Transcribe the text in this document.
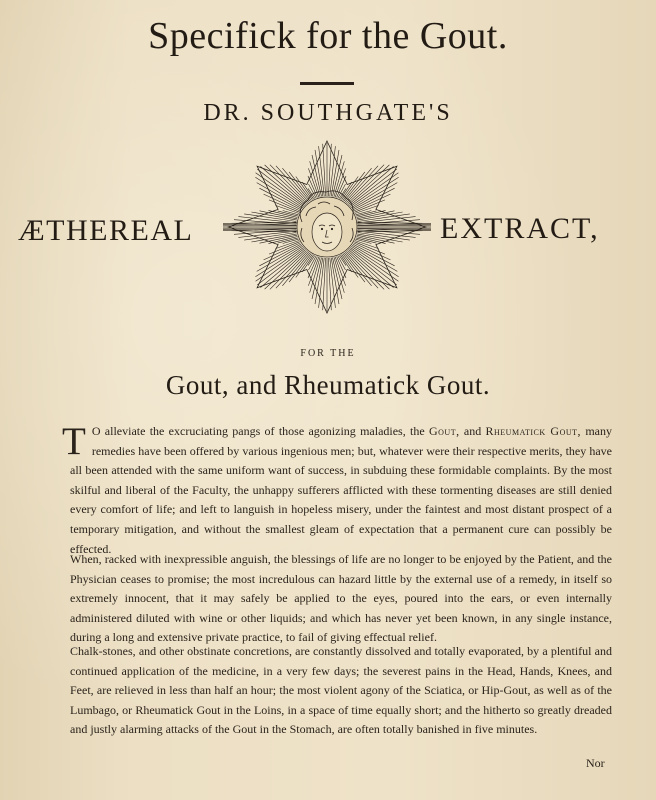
Specifick for the Gout.
DR. SOUTHGATE'S
ÆTHEREAL	EXTRACT,
FOR THE
Gout, and Rheumatick Gout.
T O alleviate the excruciating pangs of those agonizing maladies, the Gout, and Rheumatick Gout, many remedies have been offered by various ingenious men; but, whatever were their respective merits, they have all been attended with the same uniform want of success, in subduing these formidable complaints. By the most skilful and liberal of the Faculty, the unhappy sufferers afflicted with these tormenting diseases are still denied every comfort of life; and left to languish in hopeless misery, under the faintest and most distant prospect of a temporary mitigation, and without the smallest gleam of expectation that a permanent cure can possibly be effected.
When, racked with inexpressible anguish, the blessings of life are no longer to be enjoyed by the Patient, and the Physician ceases to promise; the most incredulous can hazard little by the external use of a remedy, in itself so extremely innocent, that it may safely be applied to the eyes, poured into the ears, or even internally administered diluted with wine or other liquids; and which has never yet been known, in any single instance, during a long and extensive private practice, to fail of giving effectual relief.
Chalk-stones, and other obstinate concretions, are constantly dissolved and totally evaporated, by a plentiful and continued application of the medicine, in a very few days; the severest pains in the Head, Hands, Knees, and Feet, are relieved in less than half an hour; the most violent agony of the Sciatica, or Hip-Gout, as well as of the Lumbago, or Rheumatick Gout in the Loins, in a space of time equally short; and the hitherto so greatly dreaded and justly alarming attacks of the Gout in the Stomach, are often totally banished in five minutes.
Nor
